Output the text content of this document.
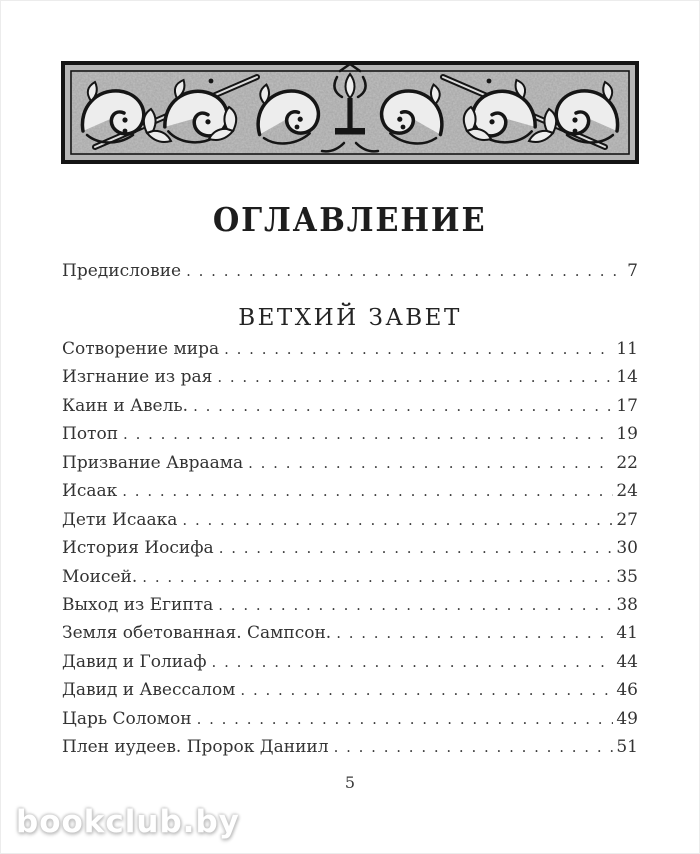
ОГЛАВЛЕНИЕ
Предисловие . . .	7
ВЕТХИЙ ЗАВЕТ
Сотворение мира . . .	11
Изгнание из рая . . .	14
Каин и Авель. . . .	17
Потоп . . .	19
Призвание Авраама . . .	22
Исаак . . .	24
Дети Исаака . . .	27
История Иосифа . . .	30
Моисей. . . .	35
Выход из Египта . . .	38
Земля обетованная. Сампсон. . . .	41
Давид и Голиаф . . .	44
Давид и Авессалом . . .	46
Царь Соломон . . .	49
Плен иудеев. Пророк Даниил . . .	51
5
bookclub.by
